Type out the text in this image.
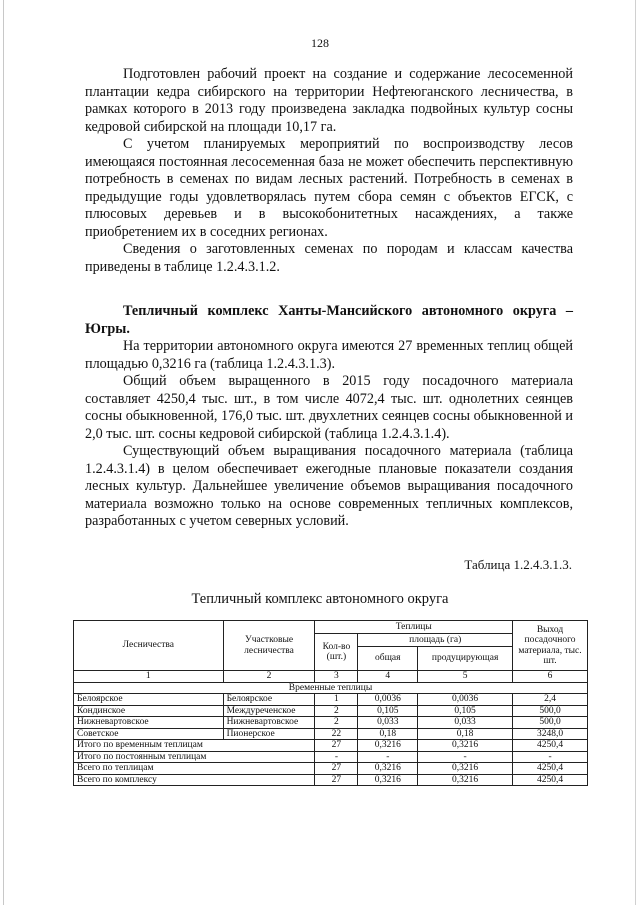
128

Подготовлен рабочий проект на создание и содержание лесосеменной плантации кедра сибирского на территории Нефтеюганского лесничества, в рамках которого в 2013 году произведена закладка подвойных культур сосны кедровой сибирской на площади 10,17 га.

С учетом планируемых мероприятий по воспроизводству лесов имеющаяся постоянная лесосеменная база не может обеспечить перспективную потребность в семенах по видам лесных растений. Потребность в семенах в предыдущие годы удовлетворялась путем сбора семян с объектов ЕГСК, с плюсовых деревьев и в высокобонитетных насаждениях, а также приобретением их в соседних регионах.

Сведения о заготовленных семенах по породам и классам качества приведены в таблице 1.2.4.3.1.2.

Тепличный комплекс Ханты-Мансийского автономного округа – Югры.

На территории автономного округа имеются 27 временных теплиц общей площадью 0,3216 га (таблица 1.2.4.3.1.3).

Общий объем выращенного в 2015 году посадочного материала составляет 4250,4 тыс. шт., в том числе 4072,4 тыс. шт. однолетних сеянцев сосны обыкновенной, 176,0 тыс. шт. двухлетних сеянцев сосны обыкновенной и 2,0 тыс. шт. сосны кедровой сибирской (таблица 1.2.4.3.1.4).

Существующий объем выращивания посадочного материала (таблица 1.2.4.3.1.4) в целом обеспечивает ежегодные плановые показатели создания лесных культур. Дальнейшее увеличение объемов выращивания посадочного материала возможно только на основе современных тепличных комплексов, разработанных с учетом северных условий.

Таблица 1.2.4.3.1.3.
Тепличный комплекс автономного округа
Лесничества	Участковые лесничества	Теплицы			Выход посадочного материала, тыс. шт.
		Кол-во (шт.)	площадь (га)		
			общая	продуцирующая	
1	2	3	4	5	6
Временные теплицы					
Белоярское	Белоярское	1	0,0036	0,0036	2,4
Кондинское	Междуреченское	2	0,105	0,105	500,0
Нижневартовское	Нижневартовское	2	0,033	0,033	500,0
Советское	Пионерское	22	0,18	0,18	3248,0
Итого по временным теплицам		27	0,3216	0,3216	4250,4
Итого по постоянным теплицам		-	-	-	-
Всего по теплицам		27	0,3216	0,3216	4250,4
Всего по комплексу		27	0,3216	0,3216	4250,4
